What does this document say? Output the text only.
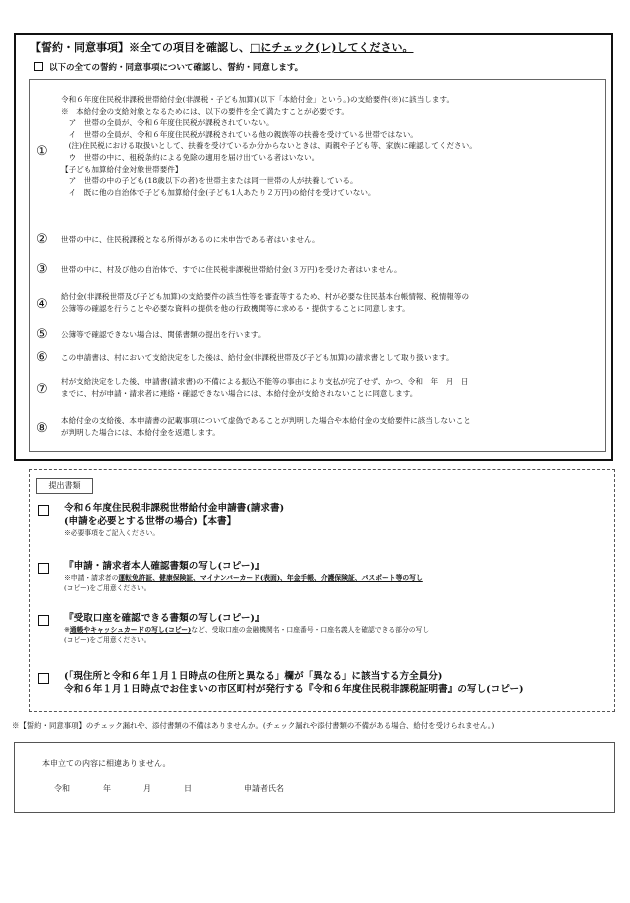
【誓約・同意事項】※全ての項目を確認し、□にチェック(レ)してください。
以下の全ての誓約・同意事項について確認し、誓約・同意します。
①
令和６年度住民税非課税世帯給付金(非課税・子ども加算)(以下「本給付金」という。)の支給要件(※)に該当します。
※　本給付金の支給対象となるためには、以下の要件を全て満たすことが必要です。
　ア　世帯の全員が、令和６年度住民税が課税されていない。
　イ　世帯の全員が、令和６年度住民税が課税されている他の親族等の扶養を受けている世帯ではない。
　(注)住民税における取扱いとして、扶養を受けているか分からないときは、両親や子ども等、家族に確認してください。
　ウ　世帯の中に、租税条約による免除の適用を届け出ている者はいない。
【子ども加算給付金対象世帯要件】
　ア　世帯の中の子ども(18歳以下の者)を世帯主または同一世帯の人が扶養している。
　イ　既に他の自治体で子ども加算給付金(子ども1人あたり２万円)の給付を受けていない。
② 世帯の中に、住民税課税となる所得があるのに未申告である者はいません。
③ 世帯の中に、村及び他の自治体で、すでに住民税非課税世帯給付金(３万円)を受けた者はいません。
④
給付金(非課税世帯及び子ども加算)の支給要件の該当性等を審査等するため、村が必要な住民基本台帳情報、税情報等の
公簿等の確認を行うことや必要な資料の提供を他の行政機関等に求める・提供することに同意します。
⑤ 公簿等で確認できない場合は、関係書類の提出を行います。
⑥ この申請書は、村において支給決定をした後は、給付金(非課税世帯及び子ども加算)の請求書として取り扱います。
⑦
村が支給決定をした後、申請書(請求書)の不備による振込不能等の事由により支払が完了せず、かつ、令和　年　月　日
までに、村が申請・請求者に連絡・確認できない場合には、本給付金が支給されないことに同意します。
⑧
本給付金の支給後、本申請書の記載事項について虚偽であることが判明した場合や本給付金の支給要件に該当しないこと
が判明した場合には、本給付金を返還します。
提出書類
令和６年度住民税非課税世帯給付金申請書(請求書)
(申請を必要とする世帯の場合)【本書】
※必要事項をご記入ください。
『申請・請求者本人確認書類の写し(コピー)』
※申請・請求者の運転免許証、健康保険証、マイナンバーカード(表面)、年金手帳、介護保険証、パスポート等の写し
(コピー)をご用意ください。
『受取口座を確認できる書類の写し(コピー)』
※通帳やキャッシュカードの写し(コピー)など、受取口座の金融機関名・口座番号・口座名義人を確認できる部分の写し
(コピー)をご用意ください。
(「現住所と令和６年１月１日時点の住所と異なる」欄が「異なる」に該当する方全員分)
令和６年１月１日時点でお住まいの市区町村が発行する『令和６年度住民税非課税証明書』の写し(コピー)
※【誓約・同意事項】のチェック漏れや、添付書類の不備はありませんか。(チェック漏れや添付書類の不備がある場合、給付を受けられません。)
本申立ての内容に相違ありません。
令和	年	月	日	申請者氏名
